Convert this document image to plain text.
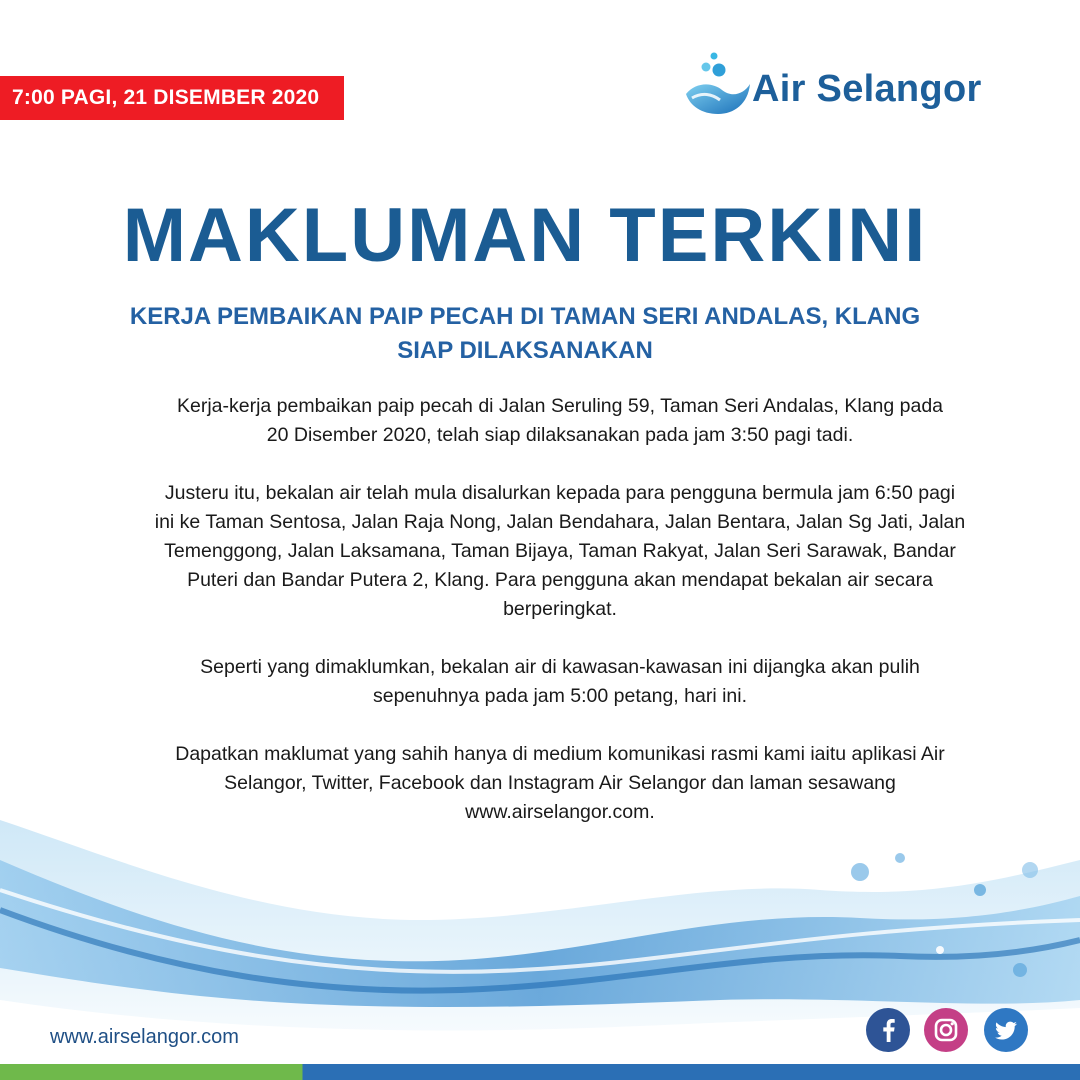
7:00 PAGI, 21 DISEMBER 2020	Air Selangor
MAKLUMAN TERKINI
KERJA PEMBAIKAN PAIP PECAH DI TAMAN SERI ANDALAS, KLANG
SIAP DILAKSANAKAN

Kerja-kerja pembaikan paip pecah di Jalan Seruling 59, Taman Seri Andalas, Klang pada
20 Disember 2020, telah siap dilaksanakan pada jam 3:50 pagi tadi.

Justeru itu, bekalan air telah mula disalurkan kepada para pengguna bermula jam 6:50 pagi
ini ke Taman Sentosa, Jalan Raja Nong, Jalan Bendahara, Jalan Bentara, Jalan Sg Jati, Jalan
Temenggong, Jalan Laksamana, Taman Bijaya, Taman Rakyat, Jalan Seri Sarawak, Bandar
Puteri dan Bandar Putera 2, Klang. Para pengguna akan mendapat bekalan air secara
berperingkat.

Seperti yang dimaklumkan, bekalan air di kawasan-kawasan ini dijangka akan pulih
sepenuhnya pada jam 5:00 petang, hari ini.

Dapatkan maklumat yang sahih hanya di medium komunikasi rasmi kami iaitu aplikasi Air
Selangor, Twitter, Facebook dan Instagram Air Selangor dan laman sesawang
www.airselangor.com.

www.airselangor.com
